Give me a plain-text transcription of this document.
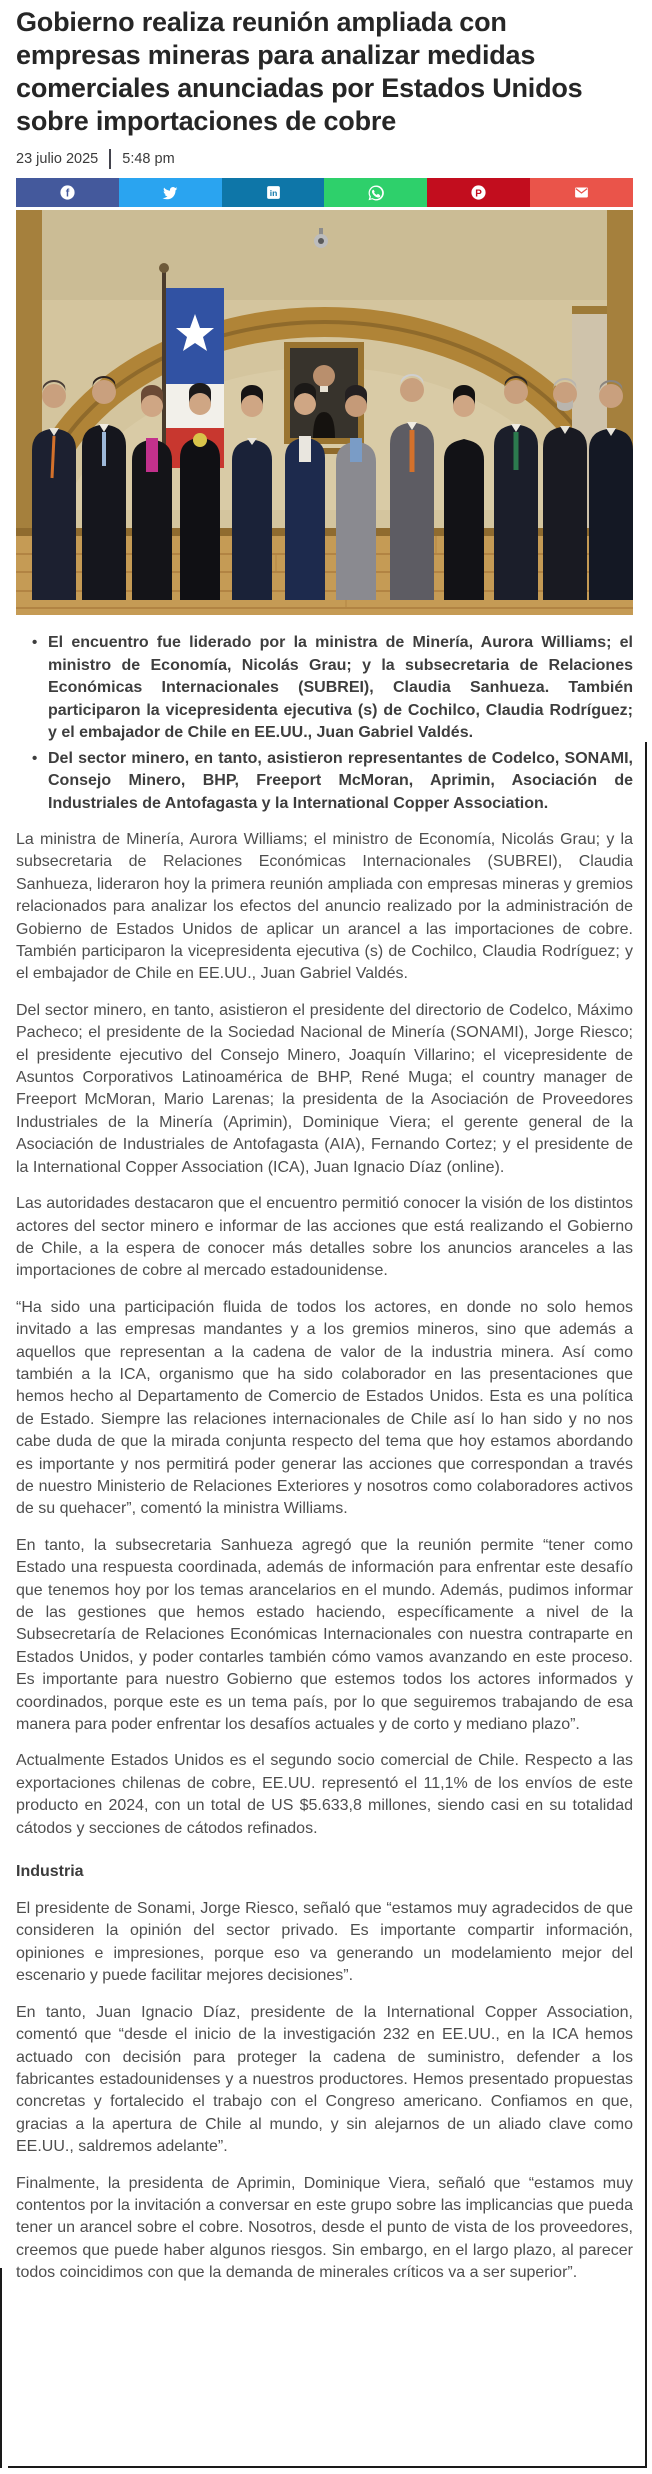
Gobierno realiza reunión ampliada con empresas mineras para analizar medidas comerciales anunciadas por Estados Unidos sobre importaciones de cobre
23 julio 2025 5:48 pm
f	in	P
• El encuentro fue liderado por la ministra de Minería, Aurora Williams; el ministro de Economía, Nicolás Grau; y la subsecretaria de Relaciones Económicas Internacionales (SUBREI), Claudia Sanhueza. También participaron la vicepresidenta ejecutiva (s) de Cochilco, Claudia Rodríguez; y el embajador de Chile en EE.UU., Juan Gabriel Valdés.
• Del sector minero, en tanto, asistieron representantes de Codelco, SONAMI, Consejo Minero, BHP, Freeport McMoran, Aprimin, Asociación de Industriales de Antofagasta y la International Copper Association.

La ministra de Minería, Aurora Williams; el ministro de Economía, Nicolás Grau; y la subsecretaria de Relaciones Económicas Internacionales (SUBREI), Claudia Sanhueza, lideraron hoy la primera reunión ampliada con empresas mineras y gremios relacionados para analizar los efectos del anuncio realizado por la administración de Gobierno de Estados Unidos de aplicar un arancel a las importaciones de cobre. También participaron la vicepresidenta ejecutiva (s) de Cochilco, Claudia Rodríguez; y el embajador de Chile en EE.UU., Juan Gabriel Valdés.

Del sector minero, en tanto, asistieron el presidente del directorio de Codelco, Máximo Pacheco; el presidente de la Sociedad Nacional de Minería (SONAMI), Jorge Riesco; el presidente ejecutivo del Consejo Minero, Joaquín Villarino; el vicepresidente de Asuntos Corporativos Latinoamérica de BHP, René Muga; el country manager de Freeport McMoran, Mario Larenas; la presidenta de la Asociación de Proveedores Industriales de la Minería (Aprimin), Dominique Viera; el gerente general de la Asociación de Industriales de Antofagasta (AIA), Fernando Cortez; y el presidente de la International Copper Association (ICA), Juan Ignacio Díaz (online).

Las autoridades destacaron que el encuentro permitió conocer la visión de los distintos actores del sector minero e informar de las acciones que está realizando el Gobierno de Chile, a la espera de conocer más detalles sobre los anuncios aranceles a las importaciones de cobre al mercado estadounidense.

“Ha sido una participación fluida de todos los actores, en donde no solo hemos invitado a las empresas mandantes y a los gremios mineros, sino que además a aquellos que representan a la cadena de valor de la industria minera. Así como también a la ICA, organismo que ha sido colaborador en las presentaciones que hemos hecho al Departamento de Comercio de Estados Unidos. Esta es una política de Estado. Siempre las relaciones internacionales de Chile así lo han sido y no nos cabe duda de que la mirada conjunta respecto del tema que hoy estamos abordando es importante y nos permitirá poder generar las acciones que correspondan a través de nuestro Ministerio de Relaciones Exteriores y nosotros como colaboradores activos de su quehacer”, comentó la ministra Williams.

En tanto, la subsecretaria Sanhueza agregó que la reunión permite “tener como Estado una respuesta coordinada, además de información para enfrentar este desafío que tenemos hoy por los temas arancelarios en el mundo. Además, pudimos informar de las gestiones que hemos estado haciendo, específicamente a nivel de la Subsecretaría de Relaciones Económicas Internacionales con nuestra contraparte en Estados Unidos, y poder contarles también cómo vamos avanzando en este proceso. Es importante para nuestro Gobierno que estemos todos los actores informados y coordinados, porque este es un tema país, por lo que seguiremos trabajando de esa manera para poder enfrentar los desafíos actuales y de corto y mediano plazo”.

Actualmente Estados Unidos es el segundo socio comercial de Chile. Respecto a las exportaciones chilenas de cobre, EE.UU. representó el 11,1% de los envíos de este producto en 2024, con un total de US $5.633,8 millones, siendo casi en su totalidad cátodos y secciones de cátodos refinados.

Industria

El presidente de Sonami, Jorge Riesco, señaló que “estamos muy agradecidos de que consideren la opinión del sector privado. Es importante compartir información, opiniones e impresiones, porque eso va generando un modelamiento mejor del escenario y puede facilitar mejores decisiones”.

En tanto, Juan Ignacio Díaz, presidente de la International Copper Association, comentó que “desde el inicio de la investigación 232 en EE.UU., en la ICA hemos actuado con decisión para proteger la cadena de suministro, defender a los fabricantes estadounidenses y a nuestros productores. Hemos presentado propuestas concretas y fortalecido el trabajo con el Congreso americano. Confiamos en que, gracias a la apertura de Chile al mundo, y sin alejarnos de un aliado clave como EE.UU., saldremos adelante”.

Finalmente, la presidenta de Aprimin, Dominique Viera, señaló que “estamos muy contentos por la invitación a conversar en este grupo sobre las implicancias que pueda tener un arancel sobre el cobre. Nosotros, desde el punto de vista de los proveedores, creemos que puede haber algunos riesgos. Sin embargo, en el largo plazo, al parecer todos coincidimos con que la demanda de minerales críticos va a ser superior”.
